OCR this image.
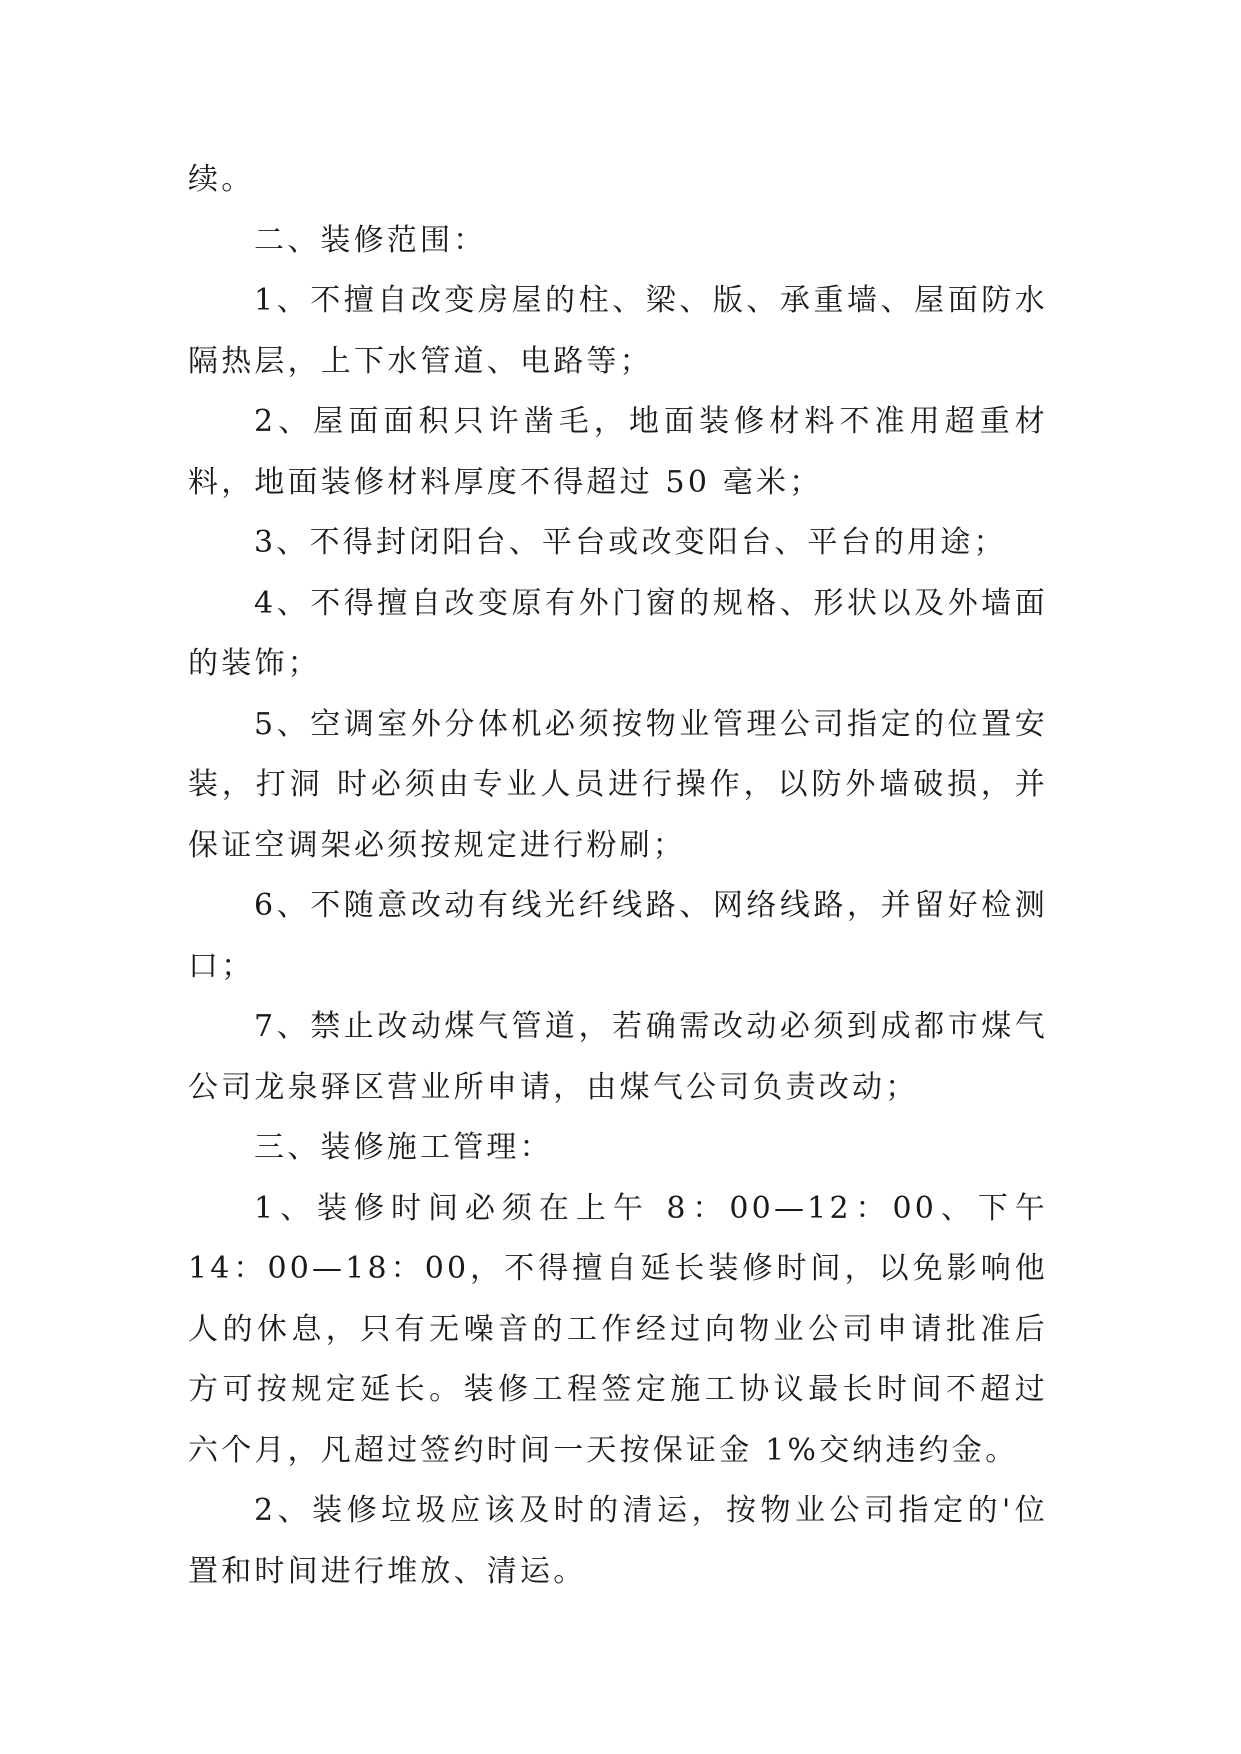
续。

二、装修范围：

1、不擅自改变房屋的柱、梁、版、承重墙、屋面防水隔热层，上下水管道、电路等；

2、屋面面积只许凿毛，地面装修材料不准用超重材料，地面装修材料厚度不得超过 50 毫米；

3、不得封闭阳台、平台或改变阳台、平台的用途；

4、不得擅自改变原有外门窗的规格、形状以及外墙面的装饰；

5、空调室外分体机必须按物业管理公司指定的位置安装，打洞 时必须由专业人员进行操作，以防外墙破损，并保证空调架必须按规定进行粉刷；

6、不随意改动有线光纤线路、网络线路，并留好检测口；

7、禁止改动煤气管道，若确需改动必须到成都市煤气公司龙泉驿区营业所申请，由煤气公司负责改动；

三、装修施工管理：

1、装修时间必须在上午 8：00—12：00、下午 14：00—18：00，不得擅自延长装修时间，以免影响他人的休息，只有无噪音的工作经过向物业公司申请批准后方可按规定延长。装修工程签定施工协议最长时间不超过六个月，凡超过签约时间一天按保证金 1%交纳违约金。

2、装修垃圾应该及时的清运，按物业公司指定的'位置和时间进行堆放、清运。
